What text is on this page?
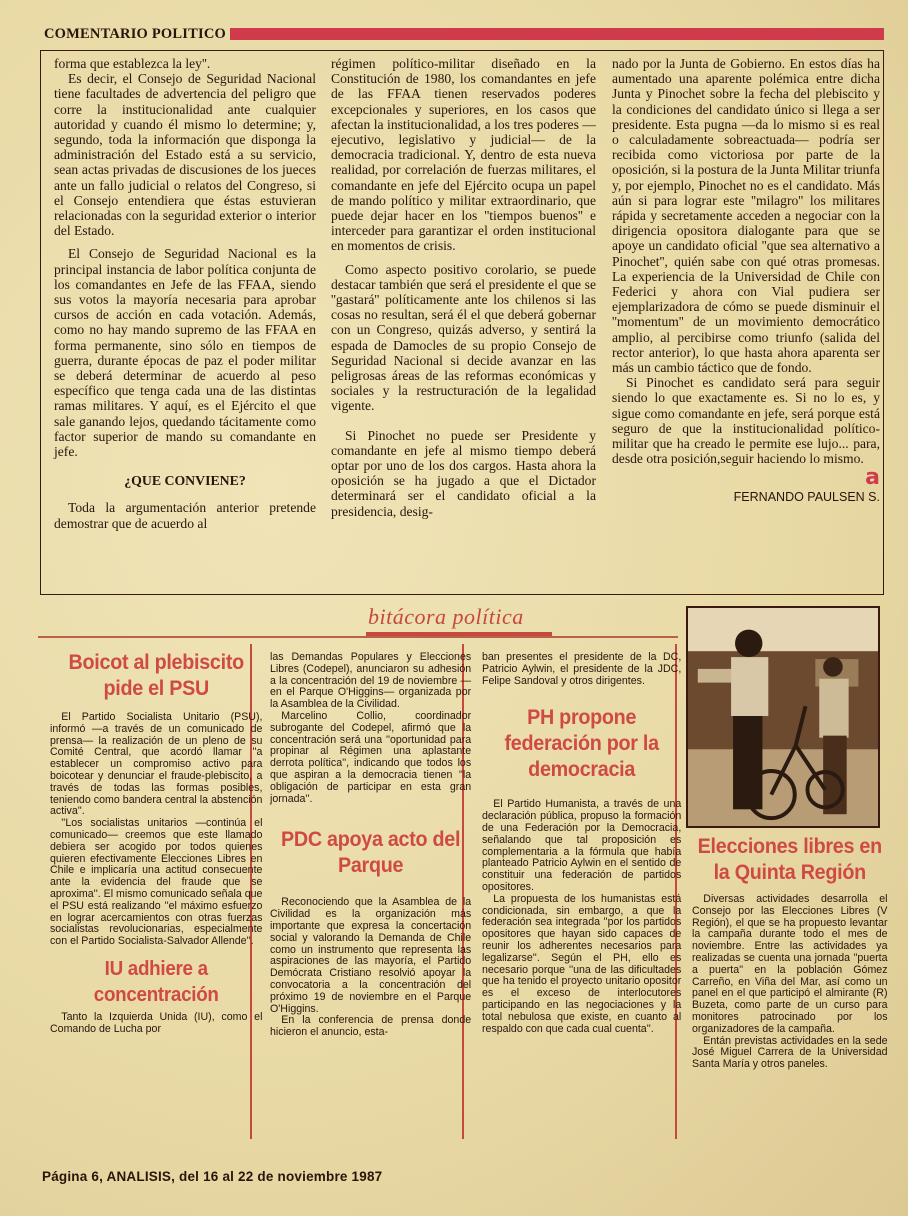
COMENTARIO POLITICO

forma que establezca la ley''.

Es decir, el Consejo de Seguridad Nacional tiene facultades de advertencia del peligro que corre la institucionalidad ante cualquier autoridad y cuando él mismo lo determine; y, segundo, toda la información que disponga la administración del Estado está a su servicio, sean actas privadas de discusiones de los jueces ante un fallo judicial o relatos del Congreso, si el Consejo entendiera que éstas estuvieran relacionadas con la seguridad exterior o interior del Estado.

El Consejo de Seguridad Nacional es la principal instancia de labor política conjunta de los comandantes en Jefe de las FFAA, siendo sus votos la mayoría necesaria para aprobar cursos de acción en cada votación. Además, como no hay mando supremo de las FFAA en forma permanente, sino sólo en tiempos de guerra, durante épocas de paz el poder militar se deberá determinar de acuerdo al peso específico que tenga cada una de las distintas ramas militares. Y aquí, es el Ejército el que sale ganando lejos, quedando tácitamente como factor superior de mando su comandante en jefe.

¿QUE CONVIENE?

Toda la argumentación anterior pretende demostrar que de acuerdo al

régimen político-militar diseñado en la Constitución de 1980, los comandantes en jefe de las FFAA tienen reservados poderes excepcionales y superiores, en los casos que afectan la institucionalidad, a los tres poderes —ejecutivo, legislativo y judicial— de la democracia tradicional. Y, dentro de esta nueva realidad, por correlación de fuerzas militares, el comandante en jefe del Ejército ocupa un papel de mando político y militar extraordinario, que puede dejar hacer en los ''tiempos buenos'' e interceder para garantizar el orden institucional en momentos de crisis.

Como aspecto positivo corolario, se puede destacar también que será el presidente el que se ''gastará'' políticamente ante los chilenos si las cosas no resultan, será él el que deberá gobernar con un Congreso, quizás adverso, y sentirá la espada de Damocles de su propio Consejo de Seguridad Nacional si decide avanzar en las peligrosas áreas de las reformas económicas y sociales y la restructuración de la legalidad vigente.

Si Pinochet no puede ser Presidente y comandante en jefe al mismo tiempo deberá optar por uno de los dos cargos. Hasta ahora la oposición se ha jugado a que el Dictador determinará ser el candidato oficial a la presidencia, desig-

nado por la Junta de Gobierno. En estos días ha aumentado una aparente polémica entre dicha Junta y Pinochet sobre la fecha del plebiscito y la condiciones del candidato único si llega a ser presidente. Esta pugna —da lo mismo si es real o calculadamente sobreactuada— podría ser recibida como victoriosa por parte de la oposición, si la postura de la Junta Militar triunfa y, por ejemplo, Pinochet no es el candidato. Más aún si para lograr este ''milagro'' los militares rápida y secretamente acceden a negociar con la dirigencia opositora dialogante para que se apoye un candidato oficial ''que sea alternativo a Pinochet'', quién sabe con qué otras promesas. La experiencia de la Universidad de Chile con Federici y ahora con Vial pudiera ser ejemplarizadora de cómo se puede disminuir el ''momentum'' de un movimiento democrático amplio, al percibirse como triunfo (salida del rector anterior), lo que hasta ahora aparenta ser más un cambio táctico que de fondo.

Si Pinochet es candidato será para seguir siendo lo que exactamente es. Si no lo es, y sigue como comandante en jefe, será porque está seguro de que la institucionalidad político-militar que ha creado le permite ese lujo... para, desde otra posición,seguir haciendo lo mismo.

a
FERNANDO PAULSEN S.
bitácora política
Boicot al plebiscito pide el PSU

El Partido Socialista Unitario (PSU), informó —a través de un comunicado de prensa— la realización de un pleno de su Comité Central, que acordó llamar ''a establecer un compromiso activo para boicotear y denunciar el fraude-plebiscito, a través de todas las formas posibles, teniendo como bandera central la abstención activa''.

''Los socialistas unitarios —continúa el comunicado— creemos que este llamado debiera ser acogido por todos quienes quieren efectivamente Elecciones Libres en Chile e implicaría una actitud consecuente ante la evidencia del fraude que se aproxima''. El mismo comunicado señala que el PSU está realizando ''el máximo esfuerzo en lograr acercamientos con otras fuerzas socialistas revolucionarias, especialmente con el Partido Socialista-Salvador Allende''.

IU adhiere a concentración

Tanto la Izquierda Unida (IU), como el Comando de Lucha por

las Demandas Populares y Elecciones Libres (Codepel), anunciaron su adhesión a la concentración del 19 de noviembre —en el Parque O'Higgins— organizada por la Asamblea de la Civilidad.

Marcelino Collio, coordinador subrogante del Codepel, afirmó que la concentración será una ''oportunidad para propinar al Régimen una aplastante derrota política'', indicando que todos los que aspiran a la democracia tienen ''la obligación de participar en esta gran jornada''.

PDC apoya acto del Parque

Reconociendo que la Asamblea de la Civilidad es la organización más importante que expresa la concertación social y valorando la Demanda de Chile como un instrumento que representa las aspiraciones de las mayoría, el Partido Demócrata Cristiano resolvió apoyar la convocatoria a la concentración del próximo 19 de noviembre en el Parque O'Higgins.

En la conferencia de prensa donde hicieron el anuncio, esta-

ban presentes el presidente de la DC, Patricio Aylwin, el presidente de la JDC, Felipe Sandoval y otros dirigentes.

PH propone federación por la democracia

El Partido Humanista, a través de una declaración pública, propuso la formación de una Federación por la Democracia, señalando que tal proposición es complementaria a la fórmula que había planteado Patricio Aylwin en el sentido de constituir una federación de partidos opositores.

La propuesta de los humanistas está condicionada, sin embargo, a que la federación sea integrada ''por los partidos opositores que hayan sido capaces de reunir los adherentes necesarios para legalizarse''. Según el PH, ello es necesario porque ''una de las dificultades que ha tenido el proyecto unitario opositor es el exceso de interlocutores participando en las negociaciones y la total nebulosa que existe, en cuanto al respaldo con que cada cual cuenta''.

Elecciones libres en la Quinta Región

Diversas actividades desarrolla el Consejo por las Elecciones Libres (V Región), el que se ha propuesto levantar la campaña durante todo el mes de noviembre. Entre las actividades ya realizadas se cuenta una jornada ''puerta a puerta'' en la población Gómez Carreño, en Viña del Mar, así como un panel en el que participó el almirante (R) Buzeta, como parte de un curso para monitores patrocinado por los organizadores de la campaña.

Entán previstas actividades en la sede José Miguel Carrera de la Universidad Santa María y otros paneles.

Página 6, ANALISIS, del 16 al 22 de noviembre 1987
